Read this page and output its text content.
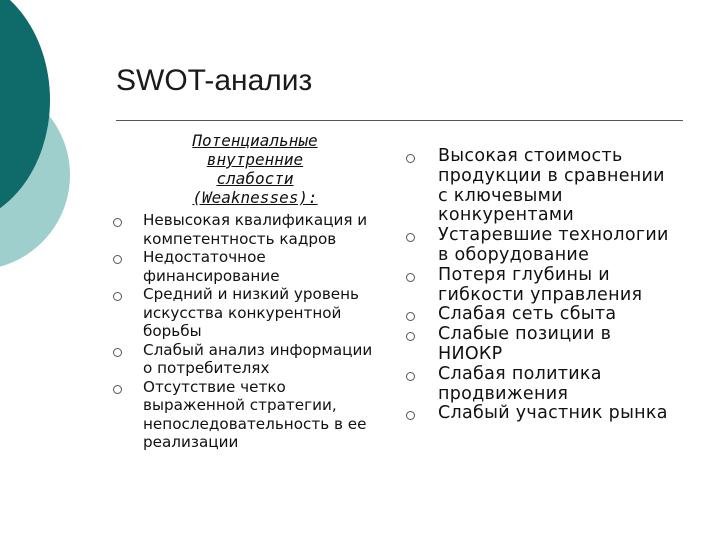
SWOT-анализ
Потенциальные
внутренние
слабости
(Weaknesses):
Невысокая квалификация и компетентность кадров
Недостаточное финансирование
Средний и низкий уровень искусства конкурентной борьбы
Слабый анализ информации о потребителях
Отсутствие четко выраженной стратегии, непоследовательность в ее реализации
Высокая стоимость продукции в сравнении с ключевыми конкурентами
Устаревшие технологии в оборудование
Потеря глубины и гибкости управления
Слабая сеть сбыта
Слабые позиции в НИОКР
Слабая политика продвижения
Слабый участник рынка
